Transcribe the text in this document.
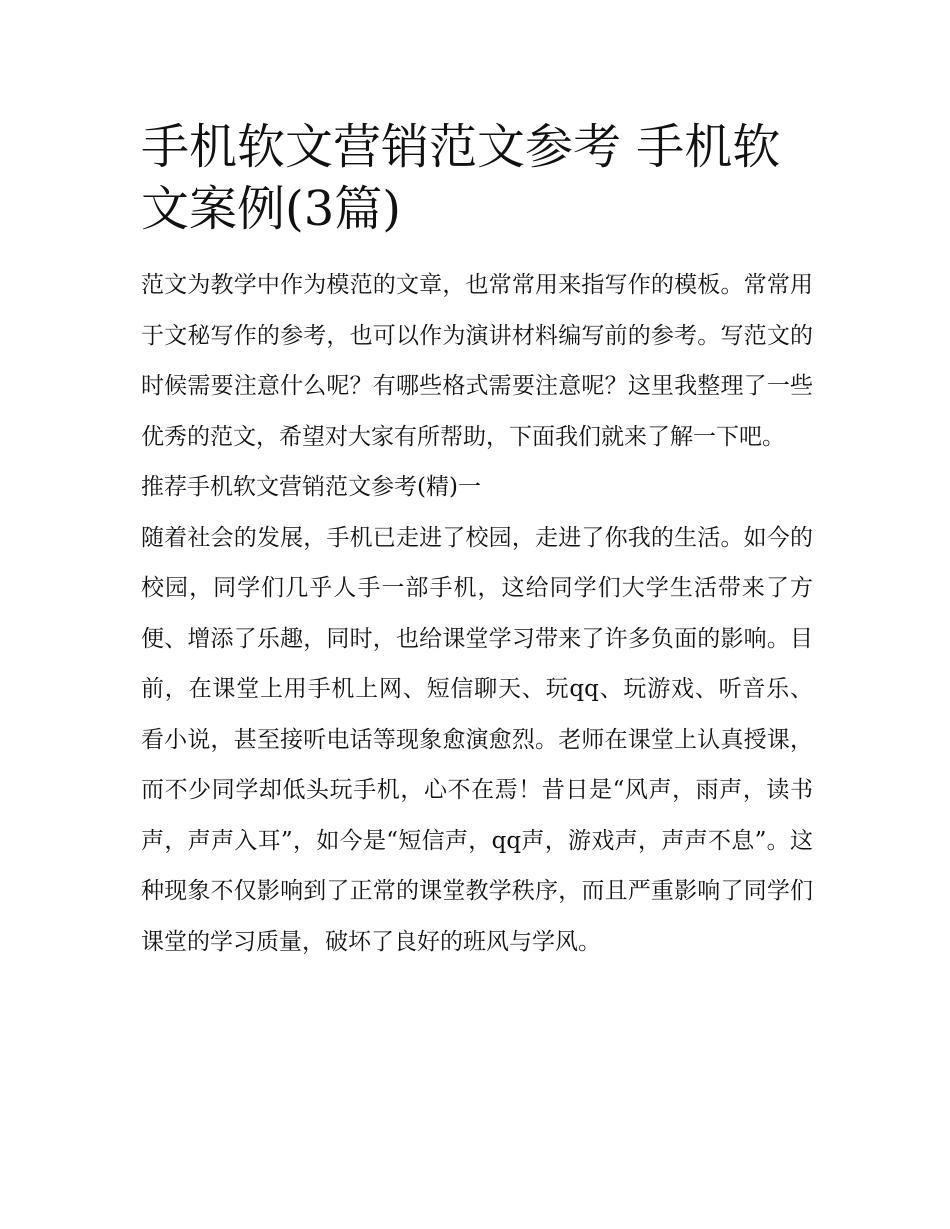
手机软文营销范文参考 手机软文案例(3篇)

范文为教学中作为模范的文章，也常常用来指写作的模板。常常用于文秘写作的参考，也可以作为演讲材料编写前的参考。写范文的时候需要注意什么呢？有哪些格式需要注意呢？这里我整理了一些优秀的范文，希望对大家有所帮助，下面我们就来了解一下吧。

推荐手机软文营销范文参考(精)一

随着社会的发展，手机已走进了校园，走进了你我的生活。如今的校园，同学们几乎人手一部手机，这给同学们大学生活带来了方便、增添了乐趣，同时，也给课堂学习带来了许多负面的影响。目前，在课堂上用手机上网、短信聊天、玩qq、玩游戏、听音乐、看小说，甚至接听电话等现象愈演愈烈。老师在课堂上认真授课，而不少同学却低头玩手机，心不在焉！昔日是“风声，雨声，读书声，声声入耳”，如今是“短信声，qq声，游戏声，声声不息”。这种现象不仅影响到了正常的课堂教学秩序，而且严重影响了同学们课堂的学习质量，破坏了良好的班风与学风。
